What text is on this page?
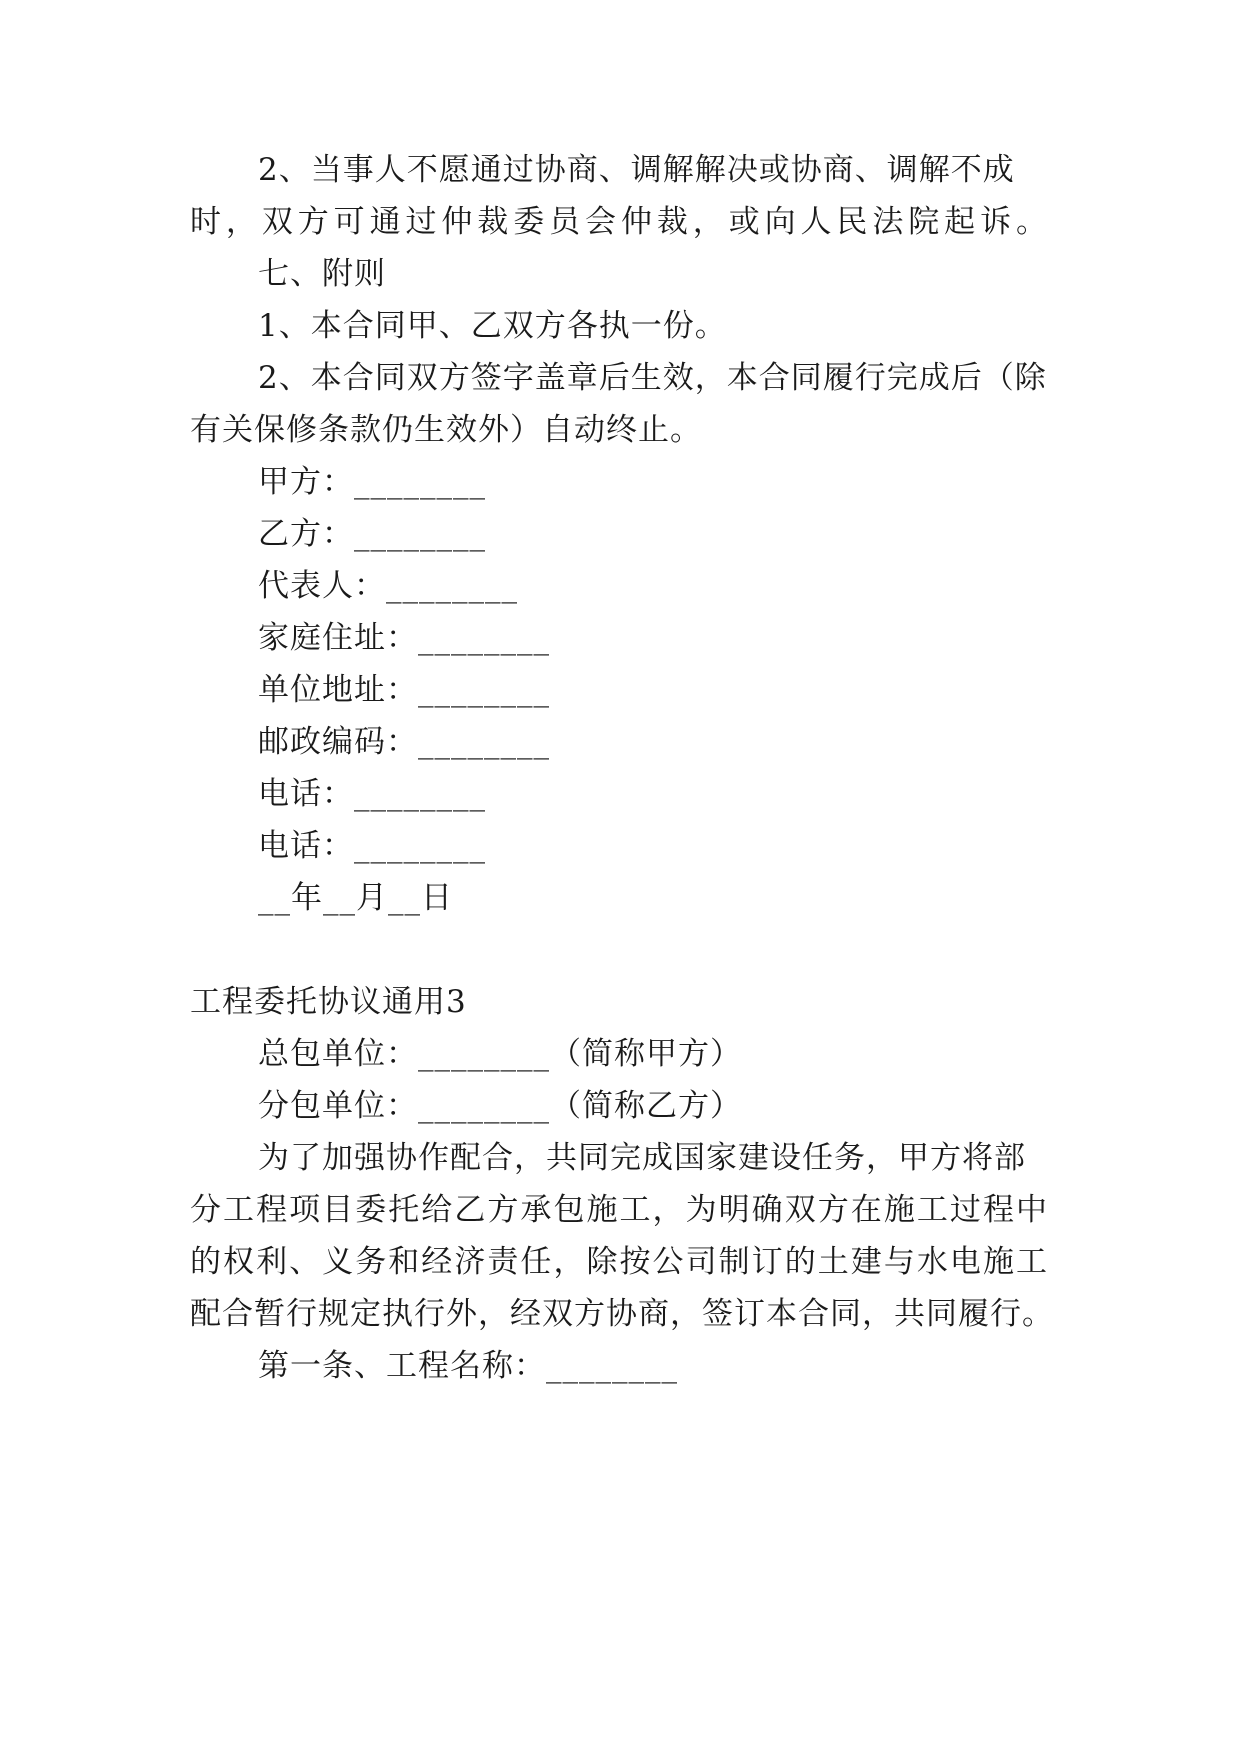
2、当事人不愿通过协商、调解解决或协商、调解不成
时，双方可通过仲裁委员会仲裁，或向人民法院起诉。
七、附则
1、本合同甲、乙双方各执一份。
2、本合同双方签字盖章后生效，本合同履行完成后（除
有关保修条款仍生效外）自动终止。
甲方：________
乙方：________
代表人：________
家庭住址：________
单位地址：________
邮政编码：________
电话：________
电话：________
__年__月__日
工程委托协议通用3
总包单位：________（简称甲方）
分包单位：________（简称乙方）
为了加强协作配合，共同完成国家建设任务，甲方将部
分工程项目委托给乙方承包施工，为明确双方在施工过程中
的权利、义务和经济责任，除按公司制订的土建与水电施工
配合暂行规定执行外，经双方协商，签订本合同，共同履行。
第一条、工程名称：________
